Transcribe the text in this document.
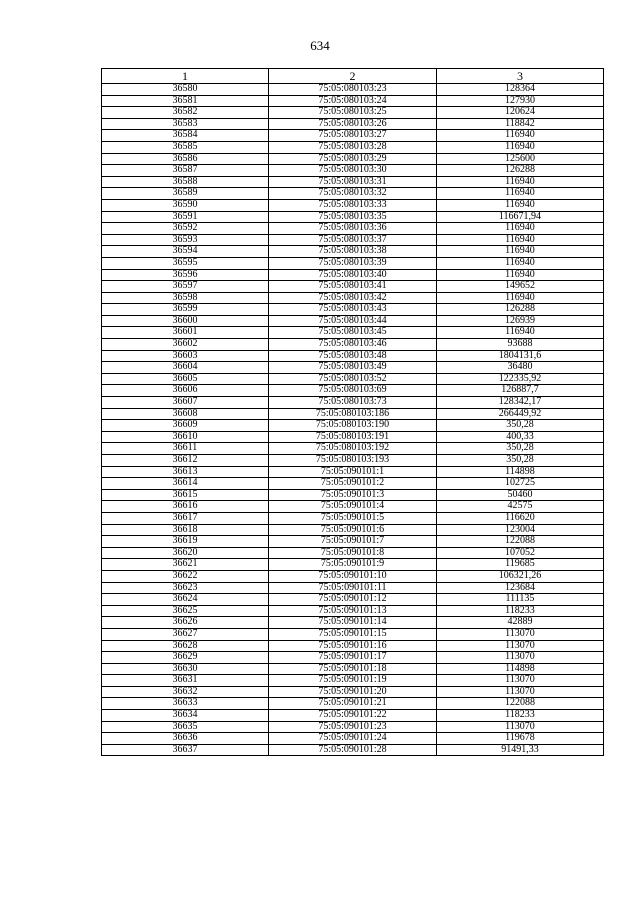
634
1	2	3
36580	75:05:080103:23	128364
36581	75:05:080103:24	127930
36582	75:05:080103:25	120624
36583	75:05:080103:26	118842
36584	75:05:080103:27	116940
36585	75:05:080103:28	116940
36586	75:05:080103:29	125600
36587	75:05:080103:30	126288
36588	75:05:080103:31	116940
36589	75:05:080103:32	116940
36590	75:05:080103:33	116940
36591	75:05:080103:35	116671,94
36592	75:05:080103:36	116940
36593	75:05:080103:37	116940
36594	75:05:080103:38	116940
36595	75:05:080103:39	116940
36596	75:05:080103:40	116940
36597	75:05:080103:41	149652
36598	75:05:080103:42	116940
36599	75:05:080103:43	126288
36600	75:05:080103:44	126939
36601	75:05:080103:45	116940
36602	75:05:080103:46	93688
36603	75:05:080103:48	1804131,6
36604	75:05:080103:49	36480
36605	75:05:080103:52	122335,92
36606	75:05:080103:69	126887,7
36607	75:05:080103:73	128342,17
36608	75:05:080103:186	266449,92
36609	75:05:080103:190	350,28
36610	75:05:080103:191	400,33
36611	75:05:080103:192	350,28
36612	75:05:080103:193	350,28
36613	75:05:090101:1	114898
36614	75:05:090101:2	102725
36615	75:05:090101:3	50460
36616	75:05:090101:4	42575
36617	75:05:090101:5	116620
36618	75:05:090101:6	123004
36619	75:05:090101:7	122088
36620	75:05:090101:8	107052
36621	75:05:090101:9	119685
36622	75:05:090101:10	106321,26
36623	75:05:090101:11	123684
36624	75:05:090101:12	111135
36625	75:05:090101:13	118233
36626	75:05:090101:14	42889
36627	75:05:090101:15	113070
36628	75:05:090101:16	113070
36629	75:05:090101:17	113070
36630	75:05:090101:18	114898
36631	75:05:090101:19	113070
36632	75:05:090101:20	113070
36633	75:05:090101:21	122088
36634	75:05:090101:22	118233
36635	75:05:090101:23	113070
36636	75:05:090101:24	119678
36637	75:05:090101:28	91491,33
